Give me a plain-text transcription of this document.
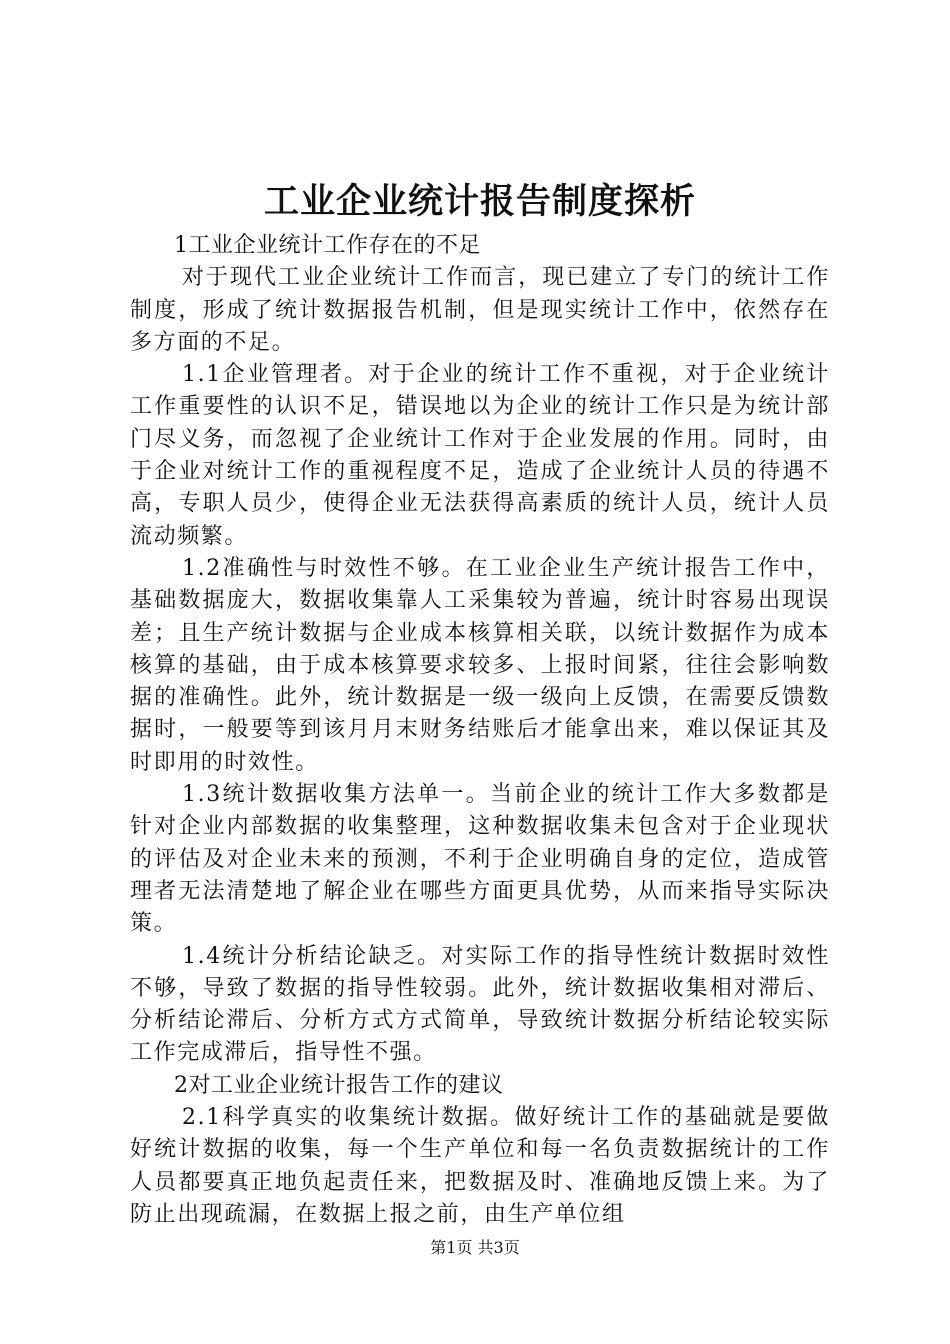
工业企业统计报告制度探析

1工业企业统计工作存在的不足

对于现代工业企业统计工作而言，现已建立了专门的统计工作制度，形成了统计数据报告机制，但是现实统计工作中，依然存在多方面的不足。

1.1企业管理者。对于企业的统计工作不重视，对于企业统计工作重要性的认识不足，错误地以为企业的统计工作只是为统计部门尽义务，而忽视了企业统计工作对于企业发展的作用。同时，由于企业对统计工作的重视程度不足，造成了企业统计人员的待遇不高，专职人员少，使得企业无法获得高素质的统计人员，统计人员流动频繁。

1.2准确性与时效性不够。在工业企业生产统计报告工作中，基础数据庞大，数据收集靠人工采集较为普遍，统计时容易出现误差；且生产统计数据与企业成本核算相关联，以统计数据作为成本核算的基础，由于成本核算要求较多、上报时间紧，往往会影响数据的准确性。此外，统计数据是一级一级向上反馈，在需要反馈数据时，一般要等到该月月末财务结账后才能拿出来，难以保证其及时即用的时效性。

1.3统计数据收集方法单一。当前企业的统计工作大多数都是针对企业内部数据的收集整理，这种数据收集未包含对于企业现状的评估及对企业未来的预测，不利于企业明确自身的定位，造成管理者无法清楚地了解企业在哪些方面更具优势，从而来指导实际决策。

1.4统计分析结论缺乏。对实际工作的指导性统计数据时效性不够，导致了数据的指导性较弱。此外，统计数据收集相对滞后、分析结论滞后、分析方式方式简单，导致统计数据分析结论较实际工作完成滞后，指导性不强。

2对工业企业统计报告工作的建议

2.1科学真实的收集统计数据。做好统计工作的基础就是要做好统计数据的收集，每一个生产单位和每一名负责数据统计的工作人员都要真正地负起责任来，把数据及时、准确地反馈上来。为了防止出现疏漏，在数据上报之前，由生产单位组

第1页 共3页
